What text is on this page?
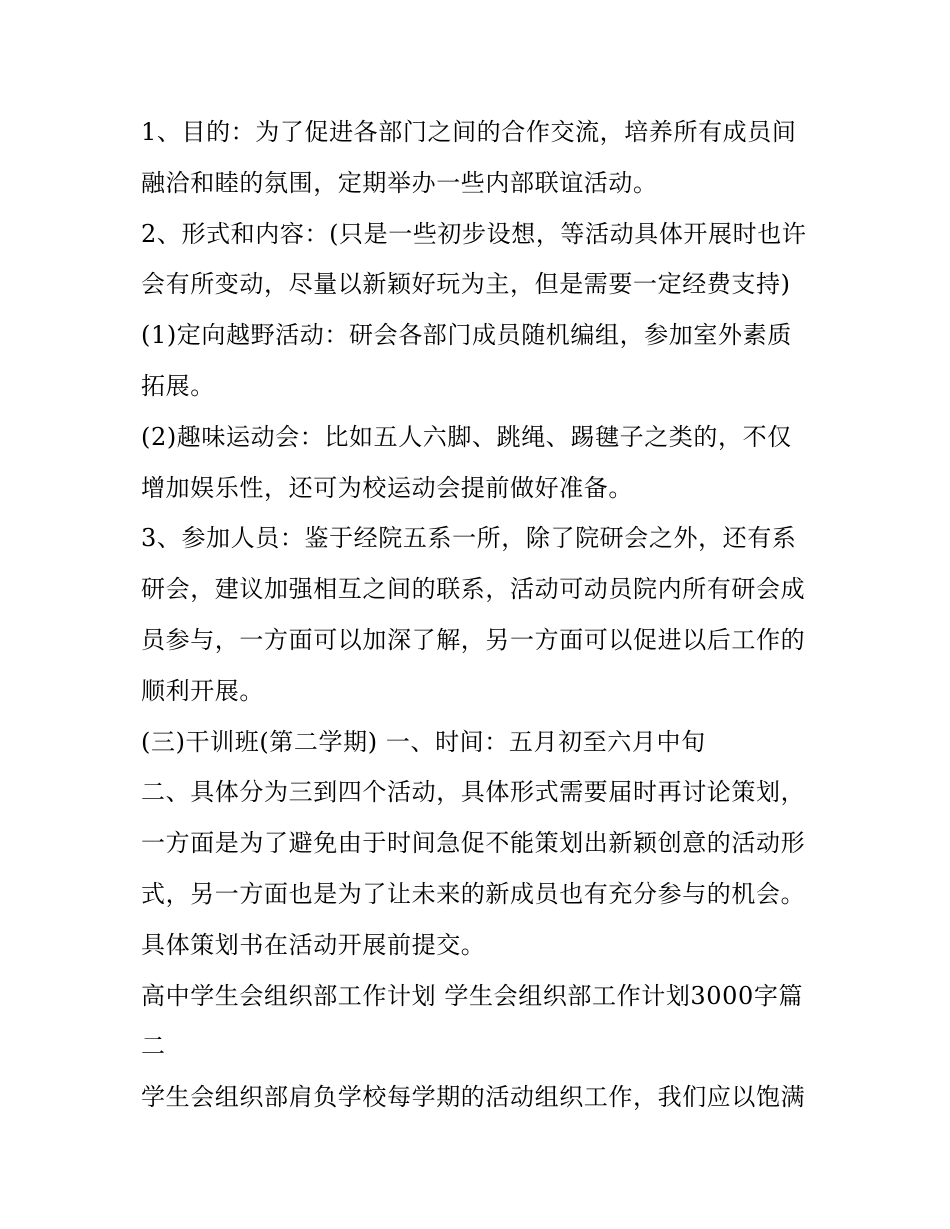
1、目的：为了促进各部门之间的合作交流，培养所有成员间
融洽和睦的氛围，定期举办一些内部联谊活动。
2、形式和内容：(只是一些初步设想，等活动具体开展时也许
会有所变动，尽量以新颖好玩为主，但是需要一定经费支持)
(1)定向越野活动：研会各部门成员随机编组，参加室外素质
拓展。
(2)趣味运动会：比如五人六脚、跳绳、踢毽子之类的，不仅
增加娱乐性，还可为校运动会提前做好准备。
3、参加人员：鉴于经院五系一所，除了院研会之外，还有系
研会，建议加强相互之间的联系，活动可动员院内所有研会成
员参与，一方面可以加深了解，另一方面可以促进以后工作的
顺利开展。
(三)干训班(第二学期) 一、时间：五月初至六月中旬
二、具体分为三到四个活动，具体形式需要届时再讨论策划，
一方面是为了避免由于时间急促不能策划出新颖创意的活动形
式，另一方面也是为了让未来的新成员也有充分参与的机会。
具体策划书在活动开展前提交。
高中学生会组织部工作计划 学生会组织部工作计划3000字篇
二
学生会组织部肩负学校每学期的活动组织工作，我们应以饱满
